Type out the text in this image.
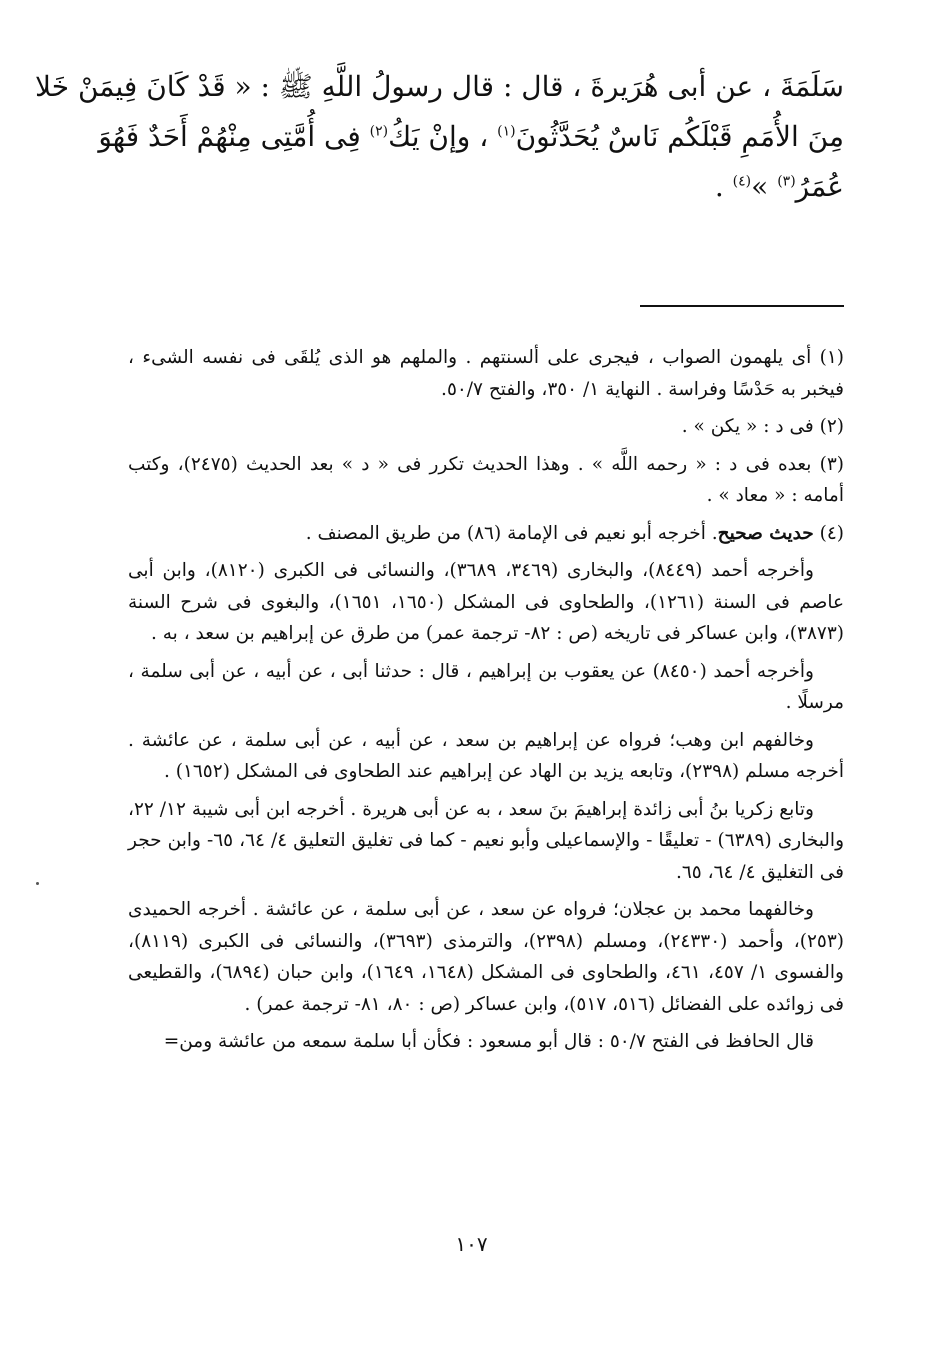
سَلَمَةَ ، عن أبى هُرَيرةَ ، قال : قال رسولُ اللَّهِ ﷺ : « قَدْ كَانَ فِيمَنْ خَلا
مِنَ الأُمَمِ قَبْلَكُم نَاسٌ يُحَدَّثُونَ$^{(١)}$ ، وإنْ يَكُ$^{(٢)}$ فِى أُمَّتِى مِنْهُمْ أَحَدٌ فَهُوَ
عُمَرُ$^{(٣)}$ »$^{(٤)}$ .

(١) أى يلهمون الصواب ، فيجرى على ألسنتهم . والملهم هو الذى يُلقَى فى نفسه الشىء ، فيخبر به حَدْسًا وفراسة . النهاية ١/ ٣٥٠، والفتح ٥٠/٧.

(٢) فى د : « يكن » .

(٣) بعده فى د : « رحمه اللَّه » . وهذا الحديث تكرر فى « د » بعد الحديث (٢٤٧٥)، وكتب أمامه : « معاد » .

(٤) حديث صحيح. أخرجه أبو نعيم فى الإمامة (٨٦) من طريق المصنف .

وأخرجه أحمد (٨٤٤٩)، والبخارى (٣٤٦٩، ٣٦٨٩)، والنسائى فى الكبرى (٨١٢٠)، وابن أبى عاصم فى السنة (١٢٦١)، والطحاوى فى المشكل (١٦٥٠، ١٦٥١)، والبغوى فى شرح السنة (٣٨٧٣)، وابن عساكر فى تاريخه (ص : ٨٢- ترجمة عمر) من طرق عن إبراهيم بن سعد ، به .

وأخرجه أحمد (٨٤٥٠) عن يعقوب بن إبراهيم ، قال : حدثنا أبى ، عن أبيه ، عن أبى سلمة ، مرسلًا .

وخالفهم ابن وهب؛ فرواه عن إبراهيم بن سعد ، عن أبيه ، عن أبى سلمة ، عن عائشة . أخرجه مسلم (٢٣٩٨)، وتابعه يزيد بن الهاد عن إبراهيم عند الطحاوى فى المشكل (١٦٥٢) .

وتابع زكريا بنُ أبى زائدة إبراهيمَ بنَ سعد ، به عن أبى هريرة . أخرجه ابن أبى شيبة ١٢/ ٢٢، والبخارى (٦٣٨٩) - تعليقًا - والإسماعيلى وأبو نعيم - كما فى تغليق التعليق ٤/ ٦٤، ٦٥- وابن حجر فى التغليق ٤/ ٦٤، ٦٥.

وخالفهما محمد بن عجلان؛ فرواه عن سعد ، عن أبى سلمة ، عن عائشة . أخرجه الحميدى (٢٥٣)، وأحمد (٢٤٣٣٠)، ومسلم (٢٣٩٨)، والترمذى (٣٦٩٣)، والنسائى فى الكبرى (٨١١٩)، والفسوى ١/ ٤٥٧، ٤٦١، والطحاوى فى المشكل (١٦٤٨، ١٦٤٩)، وابن حبان (٦٨٩٤)، والقطيعى فى زوائده على الفضائل (٥١٦، ٥١٧)، وابن عساكر (ص : ٨٠، ٨١- ترجمة عمر) .

قال الحافظ فى الفتح ٥٠/٧ : قال أبو مسعود : فكأن أبا سلمة سمعه من عائشة ومن=

١٠٧
